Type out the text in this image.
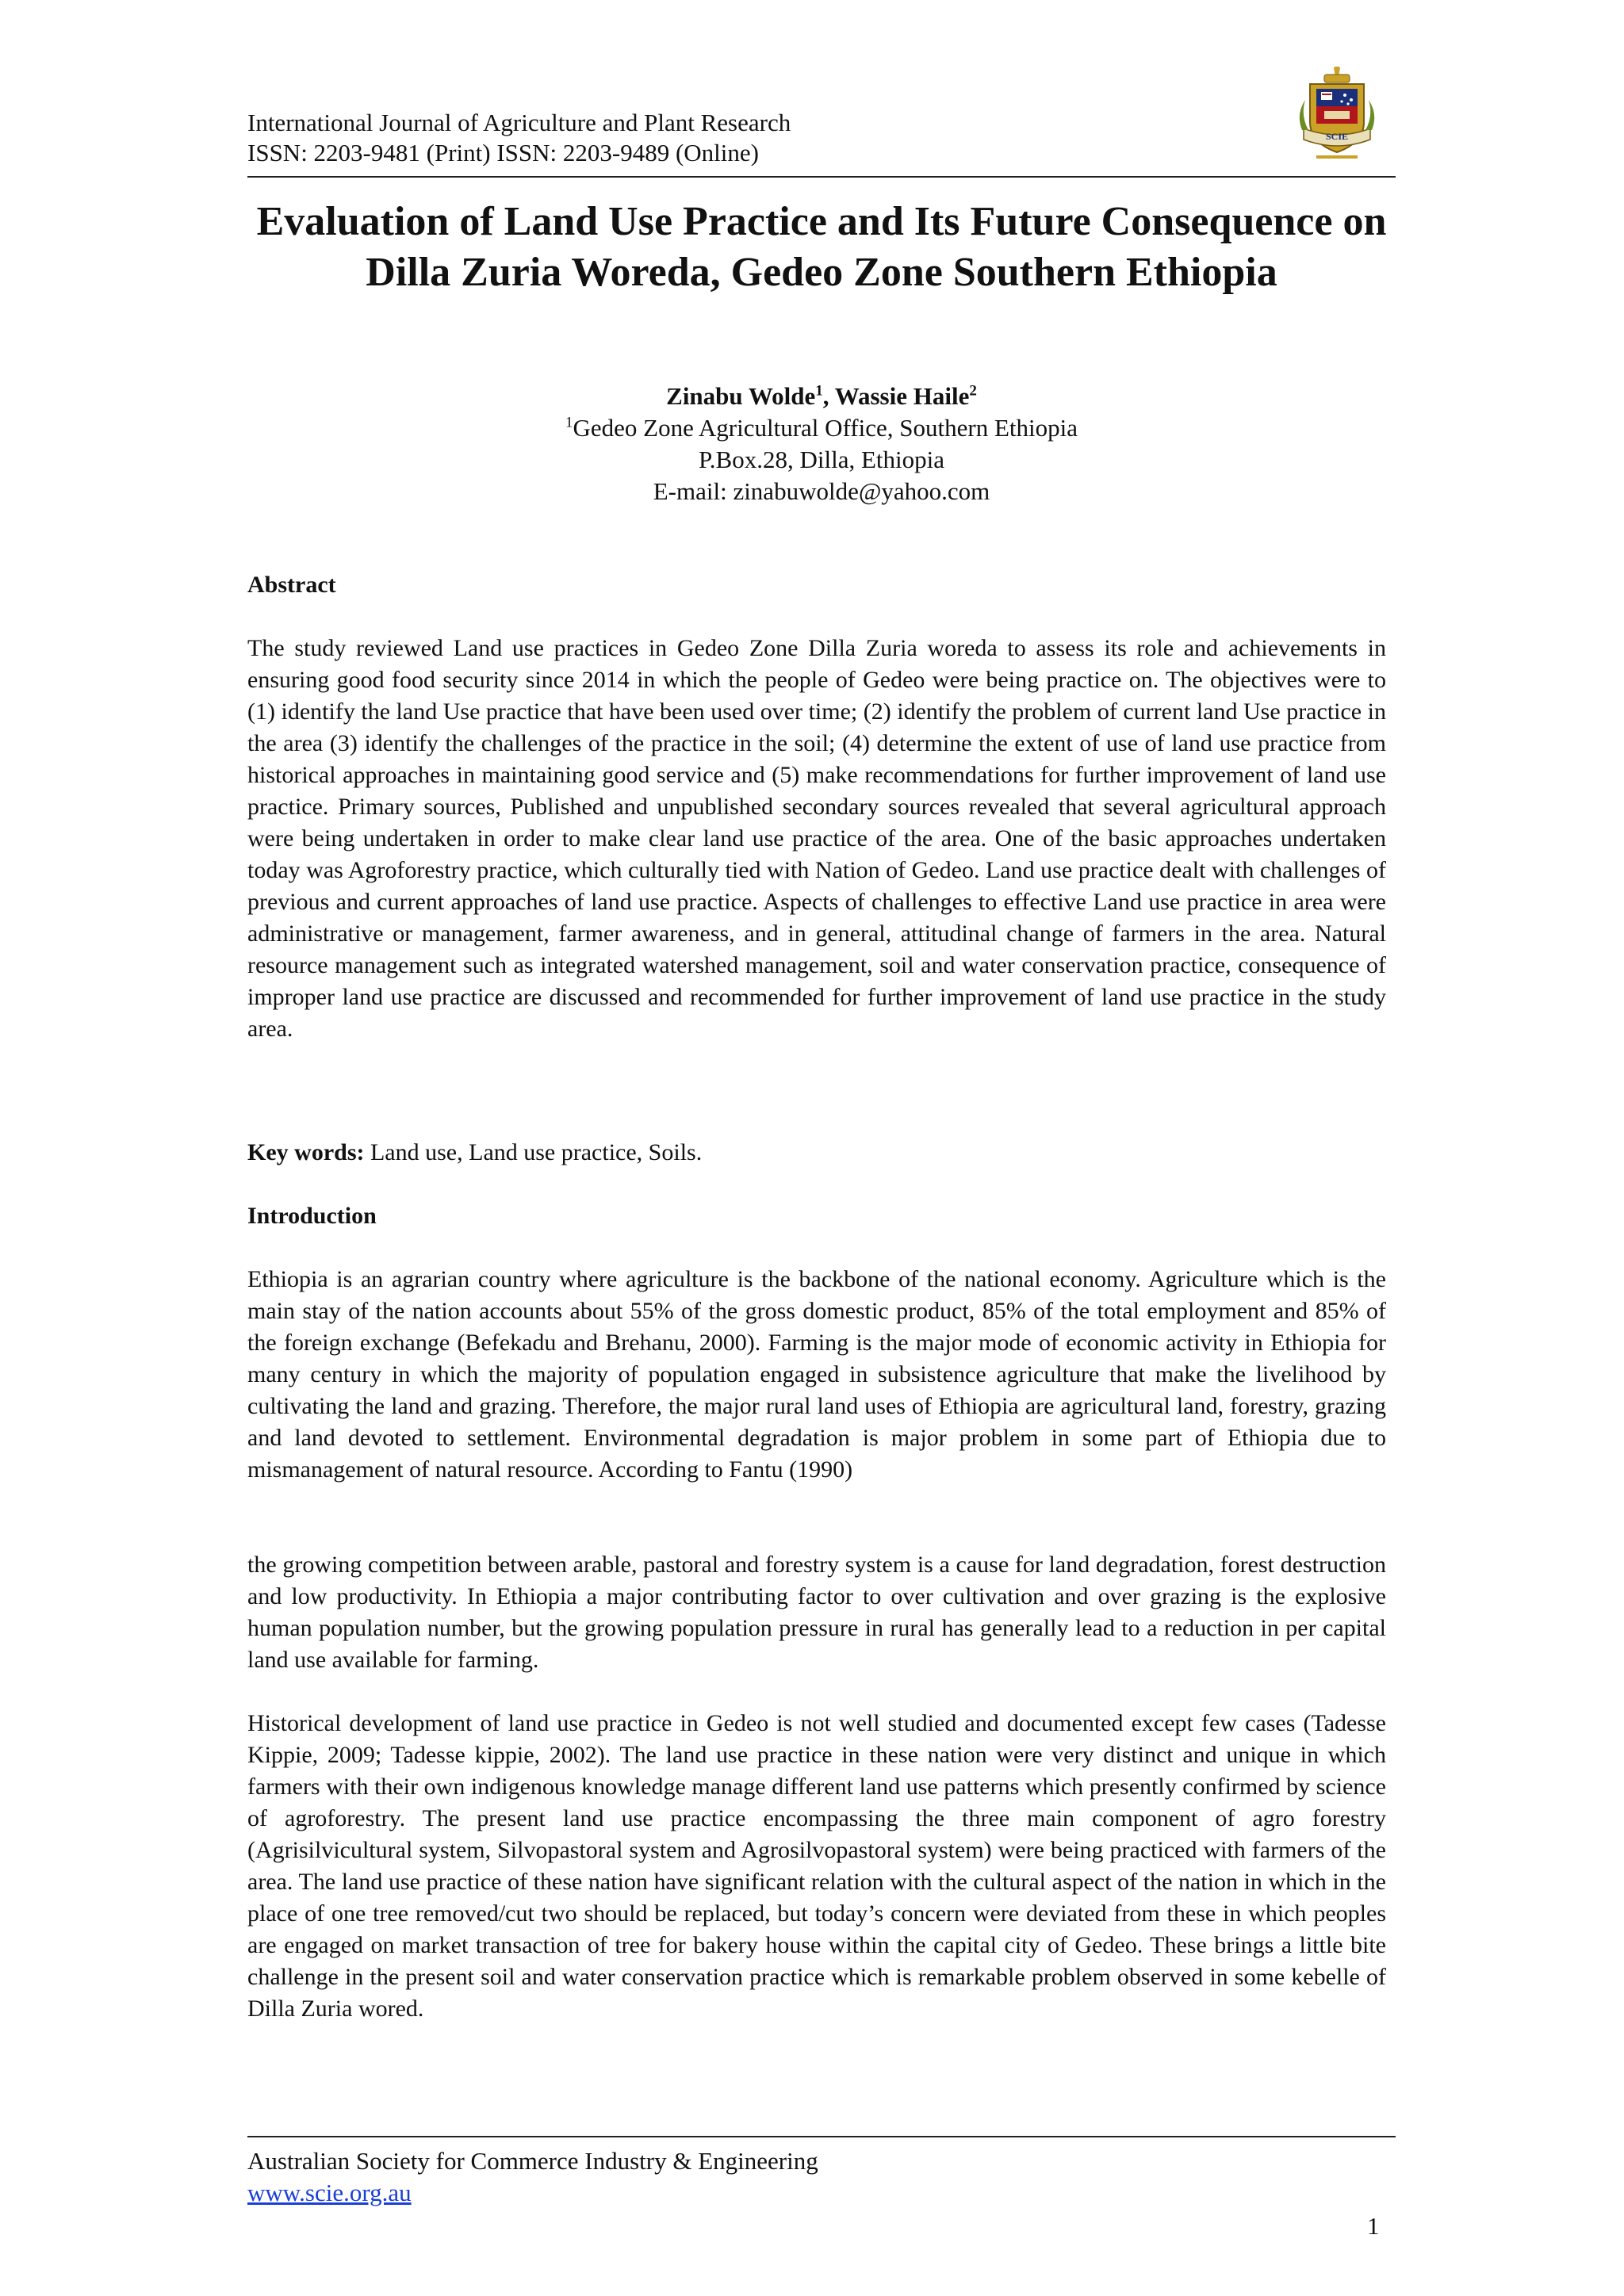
International Journal of Agriculture and Plant Research
ISSN: 2203-9481 (Print) ISSN: 2203-9489 (Online)
SCIE
Evaluation of Land Use Practice and Its Future Consequence on Dilla Zuria Woreda, Gedeo Zone Southern Ethiopia
Zinabu Wolde$^1$, Wassie Haile$^2$
$^1$Gedeo Zone Agricultural Office, Southern Ethiopia
P.Box.28, Dilla, Ethiopia
E-mail: zinabuwolde@yahoo.com

Abstract

The study reviewed Land use practices in Gedeo Zone Dilla Zuria woreda to assess its role and achievements in ensuring good food security since 2014 in which the people of Gedeo were being practice on. The objectives were to (1) identify the land Use practice that have been used over time; (2) identify the problem of current land Use practice in the area (3) identify the challenges of the practice in the soil; (4) determine the extent of use of land use practice from historical approaches in maintaining good service and (5) make recommendations for further improvement of land use practice. Primary sources, Published and unpublished secondary sources revealed that several agricultural approach were being undertaken in order to make clear land use practice of the area. One of the basic approaches undertaken today was Agroforestry practice, which culturally tied with Nation of Gedeo. Land use practice dealt with challenges of previous and current approaches of land use practice. Aspects of challenges to effective Land use practice in area were administrative or management, farmer awareness, and in general, attitudinal change of farmers in the area. Natural resource management such as integrated watershed management, soil and water conservation practice, consequence of improper land use practice are discussed and recommended for further improvement of land use practice in the study area.

Key words: Land use, Land use practice, Soils.

Introduction

Ethiopia is an agrarian country where agriculture is the backbone of the national economy. Agriculture which is the main stay of the nation accounts about 55% of the gross domestic product, 85% of the total employment and 85% of the foreign exchange (Befekadu and Brehanu, 2000). Farming is the major mode of economic activity in Ethiopia for many century in which the majority of population engaged in subsistence agriculture that make the livelihood by cultivating the land and grazing. Therefore, the major rural land uses of Ethiopia are agricultural land, forestry, grazing and land devoted to settlement. Environmental degradation is major problem in some part of Ethiopia due to mismanagement of natural resource. According to Fantu (1990)

the growing competition between arable, pastoral and forestry system is a cause for land degradation, forest destruction and low productivity. In Ethiopia a major contributing factor to over cultivation and over grazing is the explosive human population number, but the growing population pressure in rural has generally lead to a reduction in per capital land use available for farming.

Historical development of land use practice in Gedeo is not well studied and documented except few cases (Tadesse Kippie, 2009; Tadesse kippie, 2002). The land use practice in these nation were very distinct and unique in which farmers with their own indigenous knowledge manage different land use patterns which presently confirmed by science of agroforestry. The present land use practice encompassing the three main component of agro forestry (Agrisilvicultural system, Silvopastoral system and Agrosilvopastoral system) were being practiced with farmers of the area. The land use practice of these nation have significant relation with the cultural aspect of the nation in which in the place of one tree removed/cut two should be replaced, but today’s concern were deviated from these in which peoples are engaged on market transaction of tree for bakery house within the capital city of Gedeo. These brings a little bite challenge in the present soil and water conservation practice which is remarkable problem observed in some kebelle of Dilla Zuria wored.

Australian Society for Commerce Industry & Engineering
www.scie.org.au
1
